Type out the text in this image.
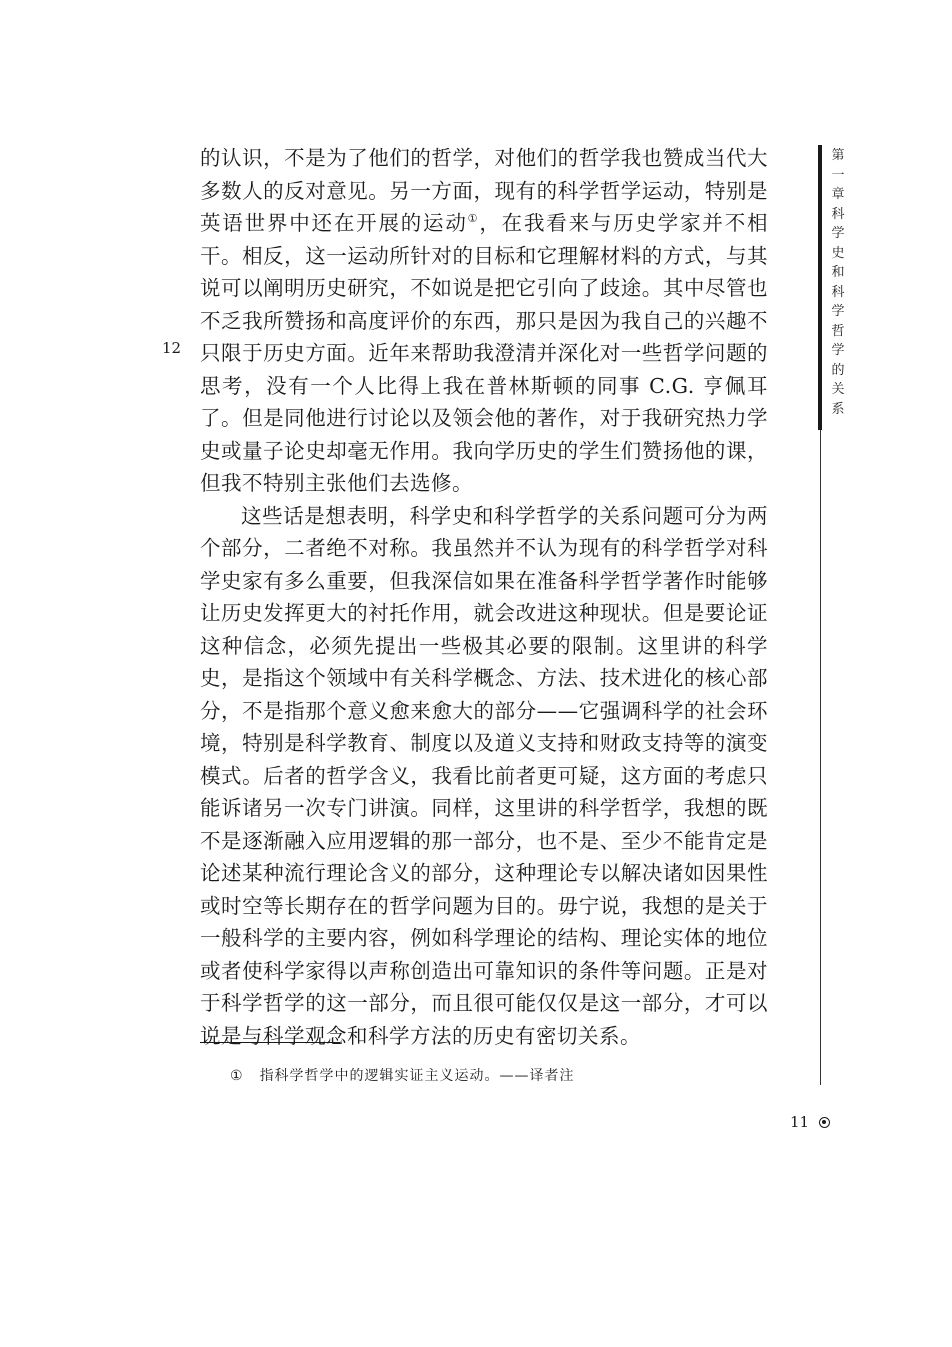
第一章 科学史和科学哲学的关系
12

的认识，不是为了他们的哲学，对他们的哲学我也赞成当代大多数人的反对意见。另一方面，现有的科学哲学运动，特别是英语世界中还在开展的运动①，在我看来与历史学家并不相干。相反，这一运动所针对的目标和它理解材料的方式，与其说可以阐明历史研究，不如说是把它引向了歧途。其中尽管也不乏我所赞扬和高度评价的东西，那只是因为我自己的兴趣不只限于历史方面。近年来帮助我澄清并深化对一些哲学问题的思考，没有一个人比得上我在普林斯顿的同事 C.G. 亨佩耳了。但是同他进行讨论以及领会他的著作，对于我研究热力学史或量子论史却毫无作用。我向学历史的学生们赞扬他的课，但我不特别主张他们去选修。

这些话是想表明，科学史和科学哲学的关系问题可分为两个部分，二者绝不对称。我虽然并不认为现有的科学哲学对科学史家有多么重要，但我深信如果在准备科学哲学著作时能够让历史发挥更大的衬托作用，就会改进这种现状。但是要论证这种信念，必须先提出一些极其必要的限制。这里讲的科学史，是指这个领域中有关科学概念、方法、技术进化的核心部分，不是指那个意义愈来愈大的部分——它强调科学的社会环境，特别是科学教育、制度以及道义支持和财政支持等的演变模式。后者的哲学含义，我看比前者更可疑，这方面的考虑只能诉诸另一次专门讲演。同样，这里讲的科学哲学，我想的既不是逐渐融入应用逻辑的那一部分，也不是、至少不能肯定是论述某种流行理论含义的部分，这种理论专以解决诸如因果性或时空等长期存在的哲学问题为目的。毋宁说，我想的是关于一般科学的主要内容，例如科学理论的结构、理论实体的地位或者使科学家得以声称创造出可靠知识的条件等问题。正是对于科学哲学的这一部分，而且很可能仅仅是这一部分，才可以说是与科学观念和科学方法的历史有密切关系。

① 指科学哲学中的逻辑实证主义运动。——译者注
11
